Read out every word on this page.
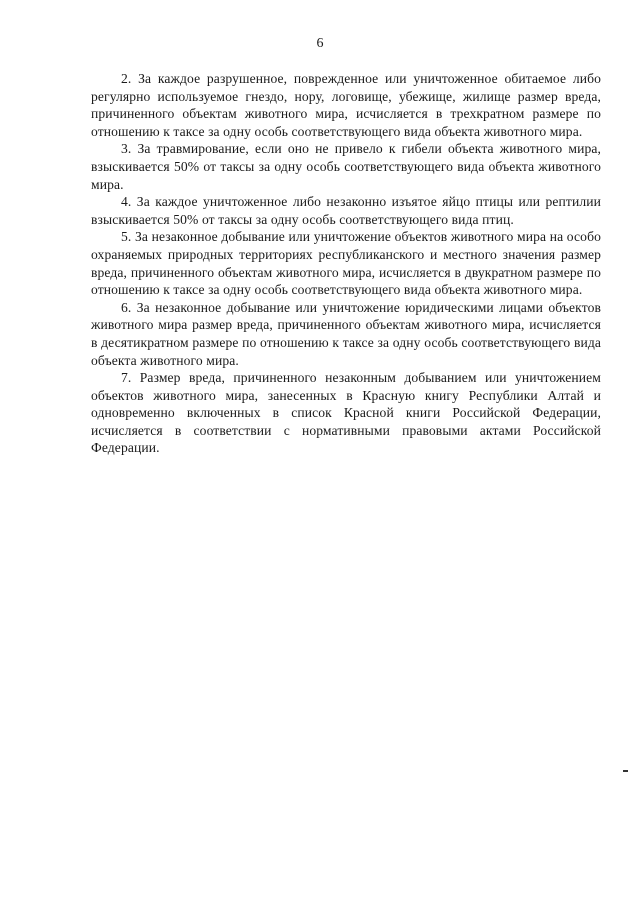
6

2. За каждое разрушенное, поврежденное или уничтоженное обитаемое либо регулярно используемое гнездо, нору, логовище, убежище, жилище размер вреда, причиненного объектам животного мира, исчисляется в трехкратном размере по отношению к таксе за одну особь соответствующего вида объекта животного мира.

3. За травмирование, если оно не привело к гибели объекта животного мира, взыскивается 50% от таксы за одну особь соответствующего вида объекта животного мира.

4. За каждое уничтоженное либо незаконно изъятое яйцо птицы или рептилии взыскивается 50% от таксы за одну особь соответствующего вида птиц.

5. За незаконное добывание или уничтожение объектов животного мира на особо охраняемых природных территориях республиканского и местного значения размер вреда, причиненного объектам животного мира, исчисляется в двукратном размере по отношению к таксе за одну особь соответствующего вида объекта животного мира.

6. За незаконное добывание или уничтожение юридическими лицами объектов животного мира размер вреда, причиненного объектам животного мира, исчисляется в десятикратном размере по отношению к таксе за одну особь соответствующего вида объекта животного мира.

7. Размер вреда, причиненного незаконным добыванием или уничтожением объектов животного мира, занесенных в Красную книгу Республики Алтай и одновременно включенных в список Красной книги Российской Федерации, исчисляется в соответствии с нормативными правовыми актами Российской Федерации.
